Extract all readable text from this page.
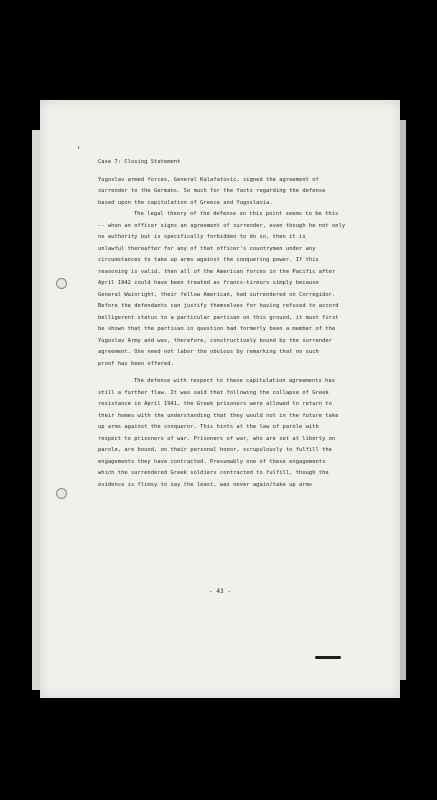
'
Case 7: Closing Statement
Yugoslav armed forces, General Kalafatovic, signed the agreement of
surrender to the Germans. So much for the facts regarding the defense
based upon the capitulation of Greece and Yugoslavia.
The legal theory of the defense on this point seems to be this
-- when an officer signs an agreement of surrender, even though he not only
no authority but is specifically forbidden to do so, then it is
unlawful thereafter for any of that officer's countrymen under any
circumstances to take up arms against the conquering power. If this
reasoning is valid, then all of the American forces in the Pacific after
April 1942 could have been treated as francs-tireurs simply because
General Wainright, their fellow American, had surrendered on Corregidor.
Before the defendants can justify themselves for having refused to accord
belligerent status to a particular partisan on this ground, it must first
be shown that the partisan in question had formerly been a member of the
Yugoslav Army and was, therefore, constructively bound by the surrender
agreement. One need not labor the obvious by remarking that no such
proof has been offered.
The defense with respect to these capitulation agreements has
still a further flaw. It was said that following the collapse of Greek
resistance in April 1941, the Greek prisoners were allowed to return to
their homes with the understanding that they would not in the future take
up arms against the conqueror. This hints at the law of parole with
respect to prisoners of war. Prisoners of war, who are set at liberty on
parole, are bound, on their personal honor, scrupulously to fulfill the
engagements they have contracted. Presumably one of these engagements
which the surrendered Greek soldiers contracted to fulfill, though the
evidence is flimsy to say the least, was never again/take up arms
- 43 -
